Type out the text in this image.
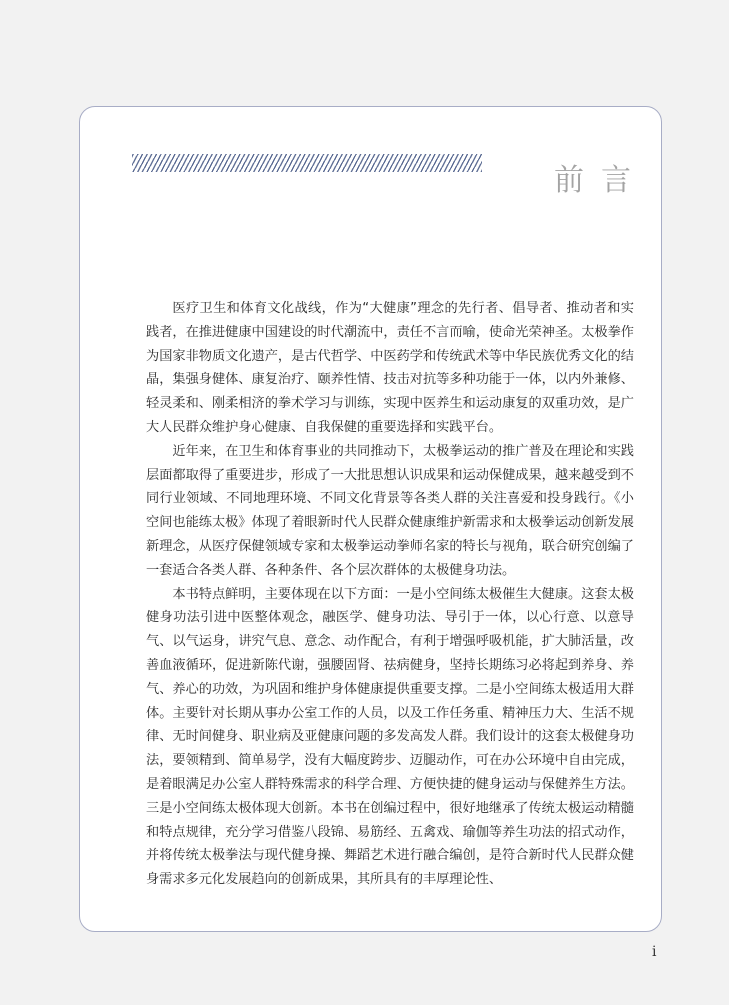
前言

医疗卫生和体育文化战线，作为“大健康”理念的先行者、倡导者、推动者和实践者，在推进健康中国建设的时代潮流中，责任不言而喻，使命光荣神圣。太极拳作为国家非物质文化遗产，是古代哲学、中医药学和传统武术等中华民族优秀文化的结晶，集强身健体、康复治疗、颐养性情、技击对抗等多种功能于一体，以内外兼修、轻灵柔和、刚柔相济的拳术学习与训练，实现中医养生和运动康复的双重功效，是广大人民群众维护身心健康、自我保健的重要选择和实践平台。

近年来，在卫生和体育事业的共同推动下，太极拳运动的推广普及在理论和实践层面都取得了重要进步，形成了一大批思想认识成果和运动保健成果，越来越受到不同行业领域、不同地理环境、不同文化背景等各类人群的关注喜爱和投身践行。《小空间也能练太极》体现了着眼新时代人民群众健康维护新需求和太极拳运动创新发展新理念，从医疗保健领域专家和太极拳运动拳师名家的特长与视角，联合研究创编了一套适合各类人群、各种条件、各个层次群体的太极健身功法。

本书特点鲜明，主要体现在以下方面：一是小空间练太极催生大健康。这套太极健身功法引进中医整体观念，融医学、健身功法、导引于一体，以心行意、以意导气、以气运身，讲究气息、意念、动作配合，有利于增强呼吸机能，扩大肺活量，改善血液循环，促进新陈代谢，强腰固肾、祛病健身，坚持长期练习必将起到养身、养气、养心的功效，为巩固和维护身体健康提供重要支撑。二是小空间练太极适用大群体。主要针对长期从事办公室工作的人员，以及工作任务重、精神压力大、生活不规律、无时间健身、职业病及亚健康问题的多发高发人群。我们设计的这套太极健身功法，要领精到、简单易学，没有大幅度跨步、迈腿动作，可在办公环境中自由完成，是着眼满足办公室人群特殊需求的科学合理、方便快捷的健身运动与保健养生方法。三是小空间练太极体现大创新。本书在创编过程中，很好地继承了传统太极运动精髓和特点规律，充分学习借鉴八段锦、易筋经、五禽戏、瑜伽等养生功法的招式动作，并将传统太极拳法与现代健身操、舞蹈艺术进行融合编创，是符合新时代人民群众健身需求多元化发展趋向的创新成果，其所具有的丰厚理论性、

i
